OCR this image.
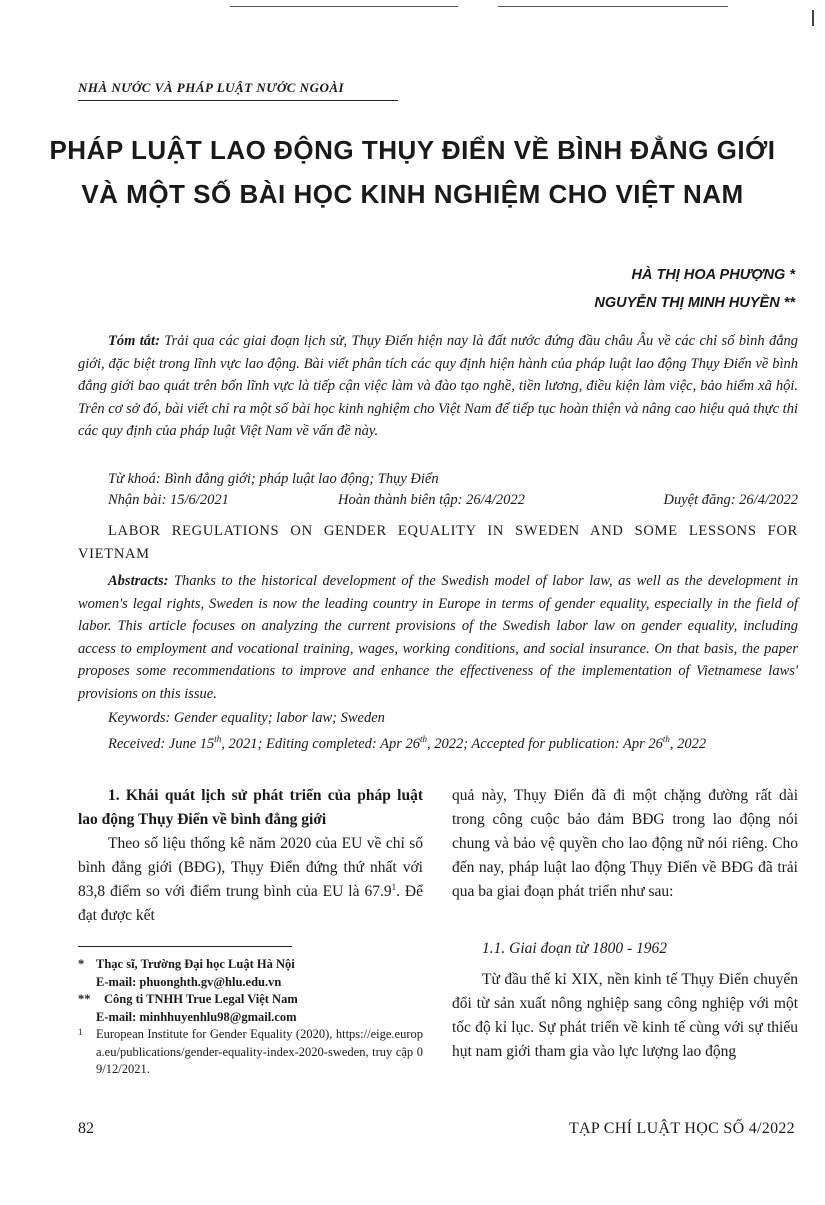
NHÀ NƯỚC VÀ PHÁP LUẬT NƯỚC NGOÀI
PHÁP LUẬT LAO ĐỘNG THỤY ĐIỂN VỀ BÌNH ĐẲNG GIỚI
VÀ MỘT SỐ BÀI HỌC KINH NGHIỆM CHO VIỆT NAM
HÀ THỊ HOA PHƯỢNG *
NGUYỄN THỊ MINH HUYỀN **
Tóm tắt: Trải qua các giai đoạn lịch sử, Thụy Điển hiện nay là đất nước đứng đầu châu Âu về các chỉ số bình đẳng giới, đặc biệt trong lĩnh vực lao động. Bài viết phân tích các quy định hiện hành của pháp luật lao động Thụy Điển về bình đẳng giới bao quát trên bốn lĩnh vực là tiếp cận việc làm và đào tạo nghề, tiền lương, điều kiện làm việc, bảo hiểm xã hội. Trên cơ sở đó, bài viết chỉ ra một số bài học kinh nghiệm cho Việt Nam để tiếp tục hoàn thiện và nâng cao hiệu quả thực thi các quy định của pháp luật Việt Nam về vấn đề này.
Từ khoá: Bình đẳng giới; pháp luật lao động; Thụy Điển
Nhận bài: 15/6/2021	Hoàn thành biên tập: 26/4/2022	Duyệt đăng: 26/4/2022
LABOR REGULATIONS ON GENDER EQUALITY IN SWEDEN AND SOME LESSONS FOR VIETNAM
Abstracts: Thanks to the historical development of the Swedish model of labor law, as well as the development in women's legal rights, Sweden is now the leading country in Europe in terms of gender equality, especially in the field of labor. This article focuses on analyzing the current provisions of the Swedish labor law on gender equality, including access to employment and vocational training, wages, working conditions, and social insurance. On that basis, the paper proposes some recommendations to improve and enhance the effectiveness of the implementation of Vietnamese laws' provisions on this issue.
Keywords: Gender equality; labor law; Sweden
Received: June 15th, 2021; Editing completed: Apr 26th, 2022; Accepted for publication: Apr 26th, 2022
1. Khái quát lịch sử phát triển của pháp luật lao động Thụy Điển về bình đẳng giới
Theo số liệu thống kê năm 2020 của EU về chỉ số bình đẳng giới (BĐG), Thụy Điển đứng thứ nhất với 83,8 điểm so với điểm trung bình của EU là 67.9$^1$. Để đạt được kết
* Thạc sĩ, Trường Đại học Luật Hà Nội
E-mail: phuonghth.gv@hlu.edu.vn
**	Công ti TNHH True Legal Việt Nam
E-mail: minhhuyenhlu98@gmail.com
1 European Institute for Gender Equality (2020), https://eige.europa.eu/publications/gender-equality-index-2020-sweden, truy cập 09/12/2021.
quả này, Thụy Điển đã đi một chặng đường rất dài trong công cuộc bảo đảm BĐG trong lao động nói chung và bảo vệ quyền cho lao động nữ nói riêng. Cho đến nay, pháp luật lao động Thụy Điển về BĐG đã trải qua ba giai đoạn phát triển như sau:
1.1. Giai đoạn từ 1800 - 1962
Từ đầu thế kỉ XIX, nền kinh tế Thụy Điển chuyển đổi từ sản xuất nông nghiệp sang công nghiệp với một tốc độ kỉ lục. Sự phát triển về kinh tế cùng với sự thiếu hụt nam giới tham gia vào lực lượng lao động
82	TẠP CHÍ LUẬT HỌC SỐ 4/2022
